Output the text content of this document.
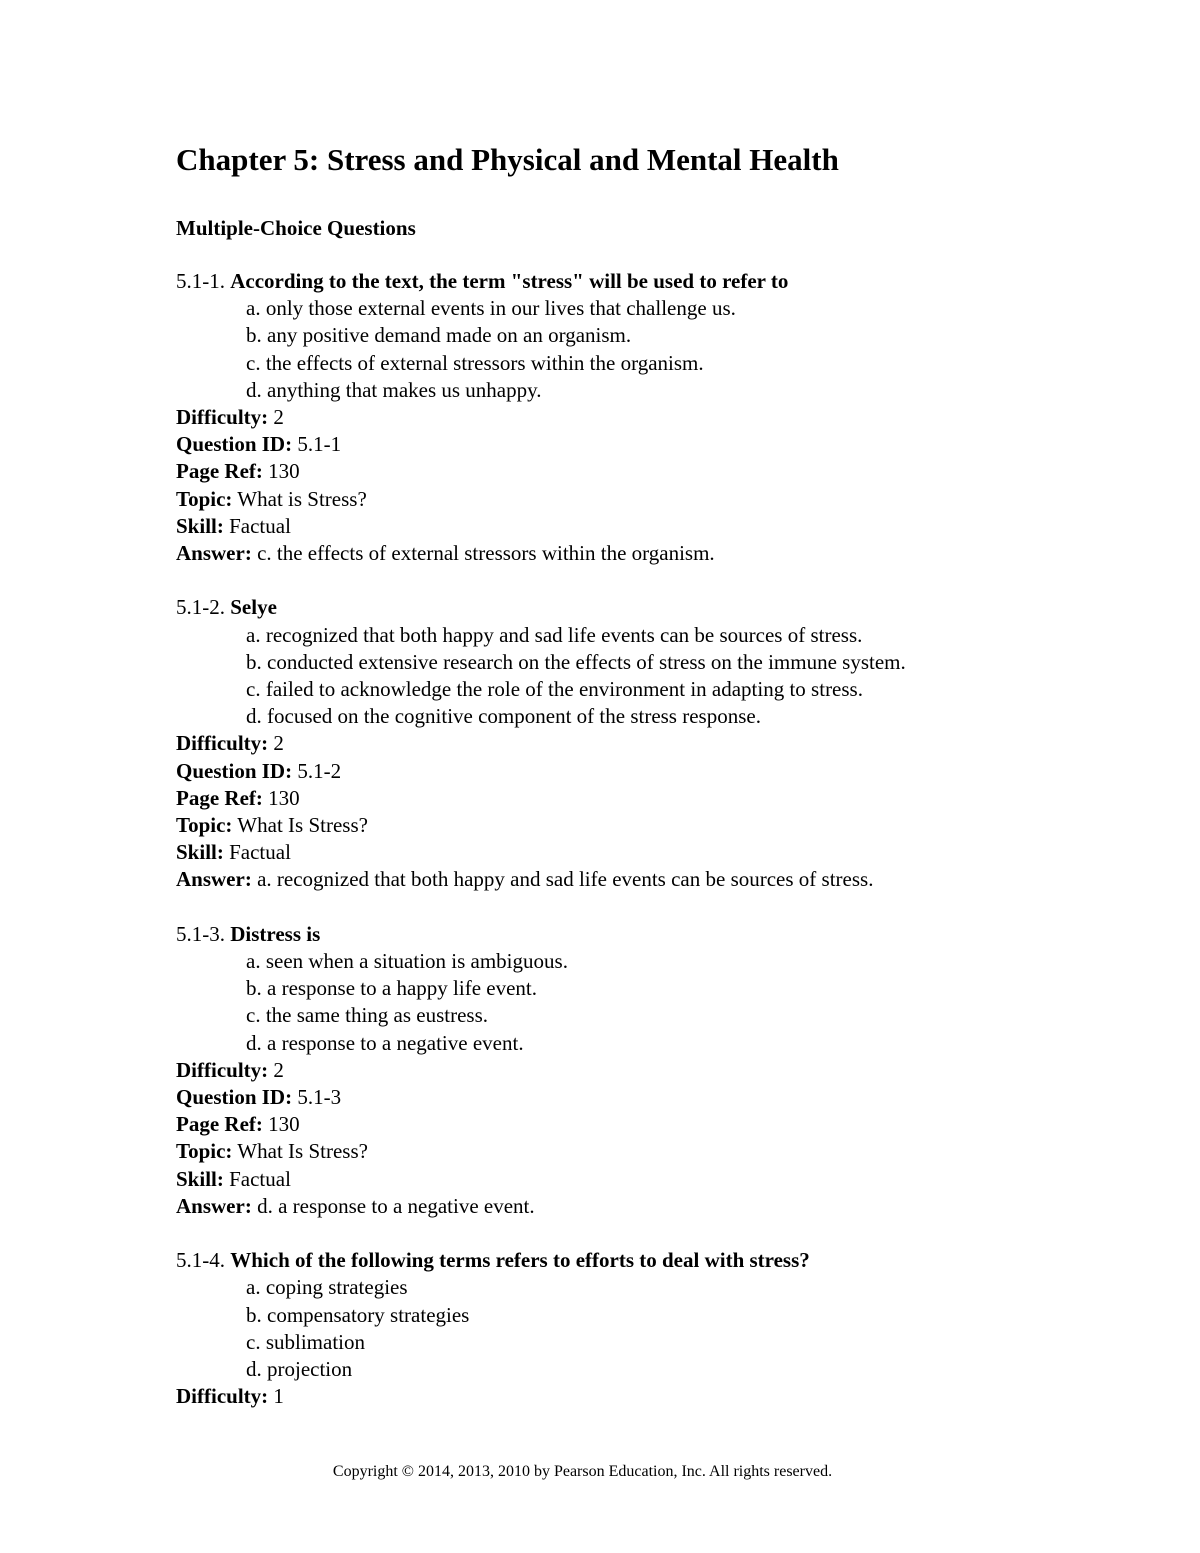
Chapter 5: Stress and Physical and Mental Health
Multiple-Choice Questions
5.1-1. According to the text, the term "stress" will be used to refer to
a. only those external events in our lives that challenge us.
b. any positive demand made on an organism.
c. the effects of external stressors within the organism.
d. anything that makes us unhappy.
Difficulty: 2
Question ID: 5.1-1
Page Ref: 130
Topic: What is Stress?
Skill: Factual
Answer: c. the effects of external stressors within the organism.
5.1-2. Selye
a. recognized that both happy and sad life events can be sources of stress.
b. conducted extensive research on the effects of stress on the immune system.
c. failed to acknowledge the role of the environment in adapting to stress.
d. focused on the cognitive component of the stress response.
Difficulty: 2
Question ID: 5.1-2
Page Ref: 130
Topic: What Is Stress?
Skill: Factual
Answer: a. recognized that both happy and sad life events can be sources of stress.
5.1-3. Distress is
a. seen when a situation is ambiguous.
b. a response to a happy life event.
c. the same thing as eustress.
d. a response to a negative event.
Difficulty: 2
Question ID: 5.1-3
Page Ref: 130
Topic: What Is Stress?
Skill: Factual
Answer: d. a response to a negative event.
5.1-4. Which of the following terms refers to efforts to deal with stress?
a. coping strategies
b. compensatory strategies
c. sublimation
d. projection
Difficulty: 1
Copyright © 2014, 2013, 2010 by Pearson Education, Inc. All rights reserved.
